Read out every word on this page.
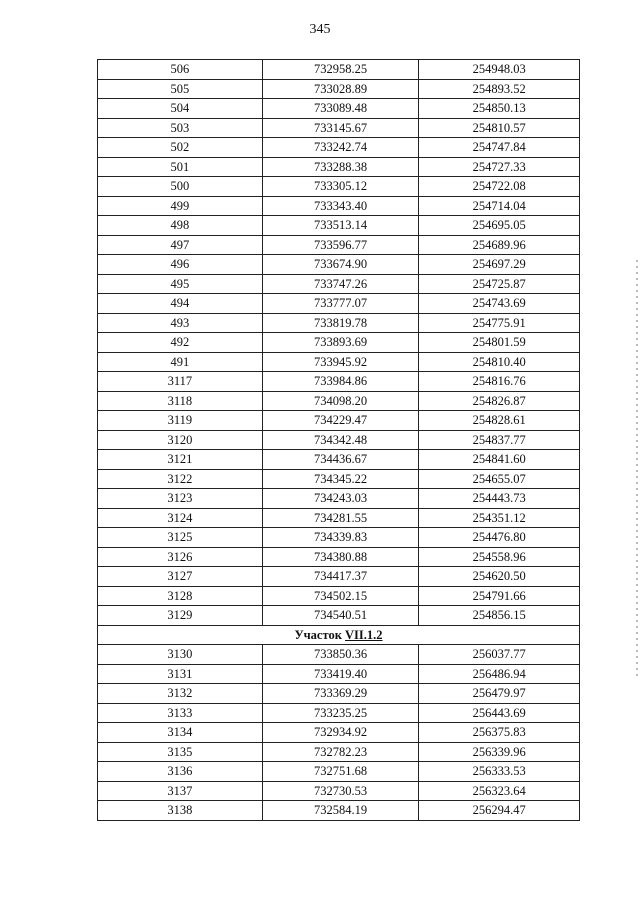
345
506	732958.25	254948.03
505	733028.89	254893.52
504	733089.48	254850.13
503	733145.67	254810.57
502	733242.74	254747.84
501	733288.38	254727.33
500	733305.12	254722.08
499	733343.40	254714.04
498	733513.14	254695.05
497	733596.77	254689.96
496	733674.90	254697.29
495	733747.26	254725.87
494	733777.07	254743.69
493	733819.78	254775.91
492	733893.69	254801.59
491	733945.92	254810.40
3117	733984.86	254816.76
3118	734098.20	254826.87
3119	734229.47	254828.61
3120	734342.48	254837.77
3121	734436.67	254841.60
3122	734345.22	254655.07
3123	734243.03	254443.73
3124	734281.55	254351.12
3125	734339.83	254476.80
3126	734380.88	254558.96
3127	734417.37	254620.50
3128	734502.15	254791.66
3129	734540.51	254856.15
Участок VII.1.2		
3130	733850.36	256037.77
3131	733419.40	256486.94
3132	733369.29	256479.97
3133	733235.25	256443.69
3134	732934.92	256375.83
3135	732782.23	256339.96
3136	732751.68	256333.53
3137	732730.53	256323.64
3138	732584.19	256294.47
